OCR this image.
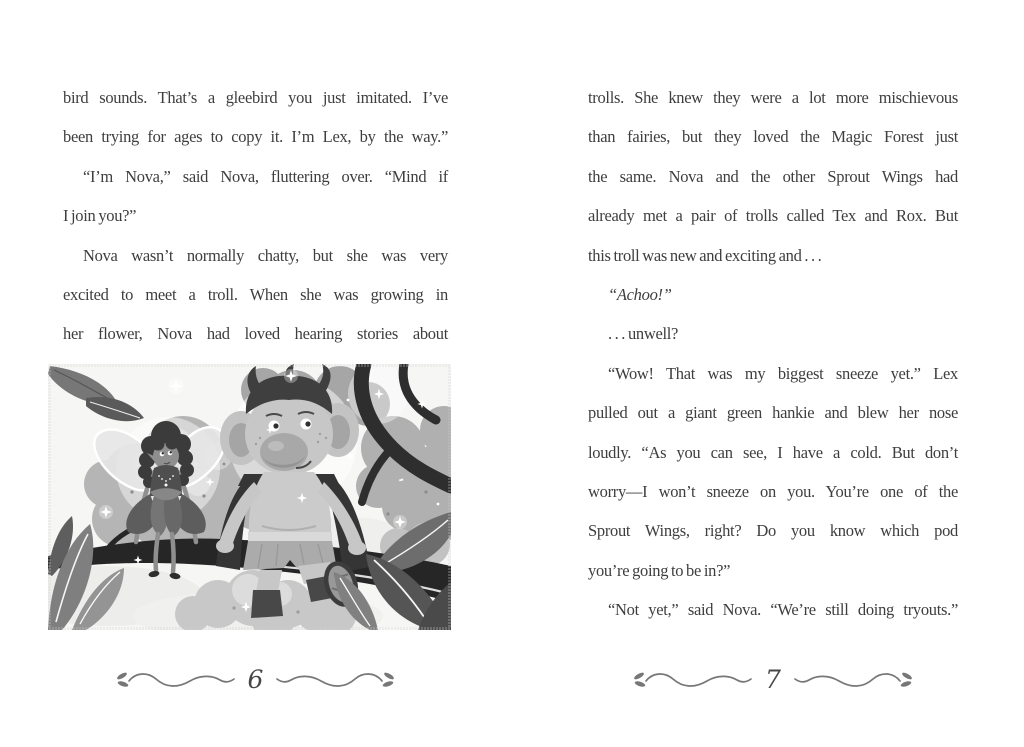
bird sounds. That’s a gleebird you just imitated. I’ve
been trying for ages to copy it. I’m Lex, by the way.”
“I’m Nova,” said Nova, fluttering over. “Mind if
I join you?”
Nova wasn’t normally chatty, but she was very
excited to meet a troll. When she was growing in
her flower, Nova had loved hearing stories about
6
trolls. She knew they were a lot more mischievous
than fairies, but they loved the Magic Forest just
the same. Nova and the other Sprout Wings had
already met a pair of trolls called Tex and Rox. But
this troll was new and exciting and . . .
“Achoo!”
. . . unwell?
“Wow! That was my biggest sneeze yet.” Lex
pulled out a giant green hankie and blew her nose
loudly. “As you can see, I have a cold. But don’t
worry—I won’t sneeze on you. You’re one of the
Sprout Wings, right? Do you know which pod
you’re going to be in?”
“Not yet,” said Nova. “We’re still doing tryouts.”
7
